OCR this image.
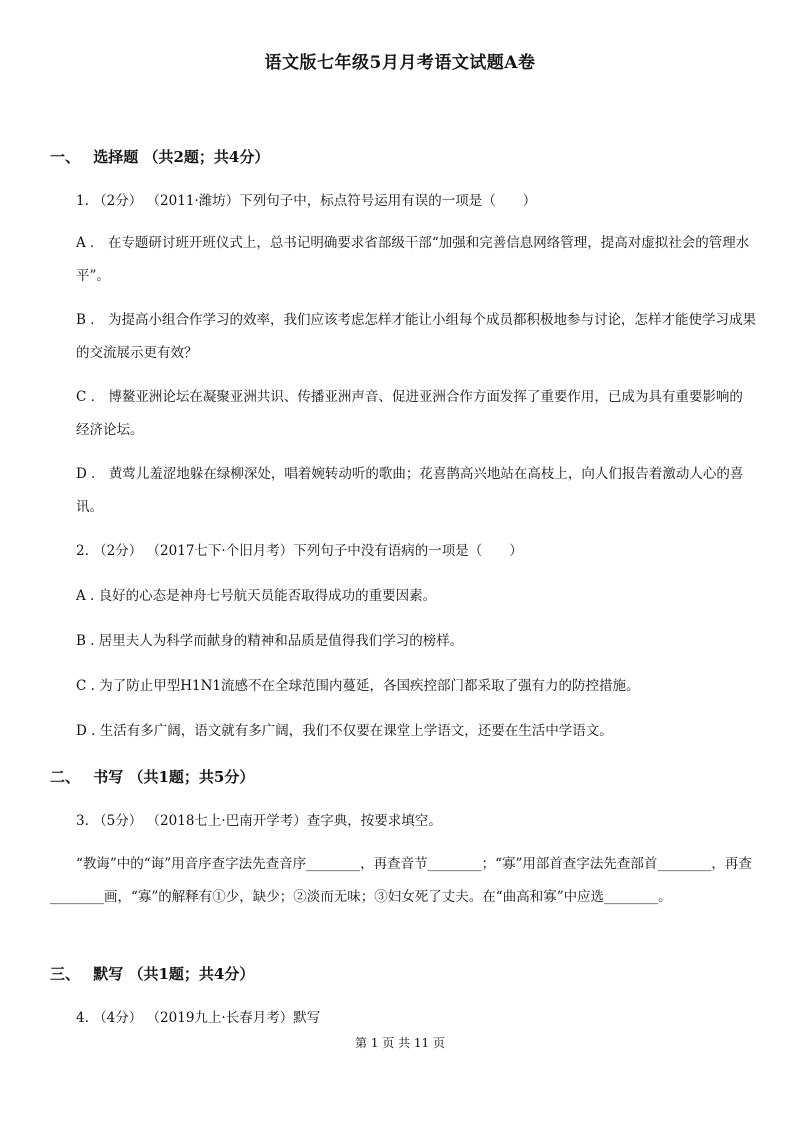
语文版七年级5月月考语文试题A卷
一、 选择题 （共2题；共4分）
1. （2分） （2011·潍坊）下列句子中，标点符号运用有误的一项是（　　）
A ． 在专题研讨班开班仪式上，总书记明确要求省部级干部“加强和完善信息网络管理，提高对虚拟社会的管理水平”。
B ． 为提高小组合作学习的效率，我们应该考虑怎样才能让小组每个成员都积极地参与讨论，怎样才能使学习成果的交流展示更有效？
C ． 博鳌亚洲论坛在凝聚亚洲共识、传播亚洲声音、促进亚洲合作方面发挥了重要作用，已成为具有重要影响的经济论坛。
D ． 黄莺儿羞涩地躲在绿柳深处，唱着婉转动听的歌曲；花喜鹊高兴地站在高枝上，向人们报告着激动人心的喜讯。
2. （2分） （2017七下·个旧月考）下列句子中没有语病的一项是（　　）
A . 良好的心态是神舟七号航天员能否取得成功的重要因素。
B . 居里夫人为科学而献身的精神和品质是值得我们学习的榜样。
C . 为了防止甲型H1N1流感不在全球范围内蔓延，各国疾控部门都采取了强有力的防控措施。
D . 生活有多广阔，语文就有多广阔，我们不仅要在课堂上学语文，还要在生活中学语文。
二、 书写 （共1题；共5分）
3. （5分） （2018七上·巴南开学考）查字典，按要求填空。
“教诲”中的“诲”用音序查字法先查音序________，再查音节________；“寡”用部首查字法先查部首________，再查________画，“寡”的解释有①少，缺少；②淡而无味；③妇女死了丈夫。在“曲高和寡”中应选________。
三、 默写 （共1题；共4分）
4. （4分） （2019九上·长春月考）默写
第 1 页 共 11 页
